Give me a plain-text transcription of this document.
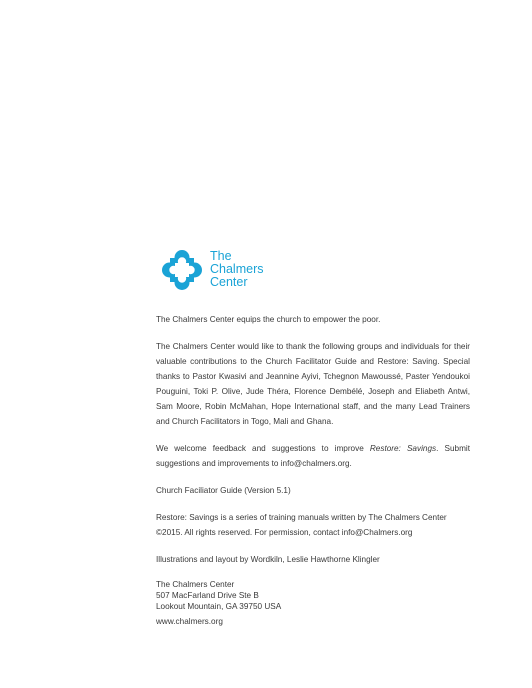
The
Chalmers
Center

The Chalmers Center equips the church to empower the poor.

The Chalmers Center would like to thank the following groups and individuals for their valuable contributions to the Church Facilitator Guide and Restore: Saving. Special thanks to Pastor Kwasivi and Jeannine Ayivi, Tchegnon Mawoussé, Paster Yendoukoi Pouguini, Toki P. Olive, Jude Théra, Florence Dembélé, Joseph and Eliabeth Antwi, Sam Moore, Robin McMahan, Hope International staff, and the many Lead Trainers and Church Facilitators in Togo, Mali and Ghana.

We welcome feedback and suggestions to improve Restore: Savings. Submit suggestions and improvements to info@chalmers.org.

Church Faciliator Guide (Version 5.1)

Restore: Savings is a series of training manuals written by The Chalmers Center ©2015. All rights reserved. For permission, contact info@Chalmers.org

Illustrations and layout by Wordkiln, Leslie Hawthorne Klingler

The Chalmers Center
507 MacFarland Drive Ste B
Lookout Mountain, GA 39750 USA

www.chalmers.org
